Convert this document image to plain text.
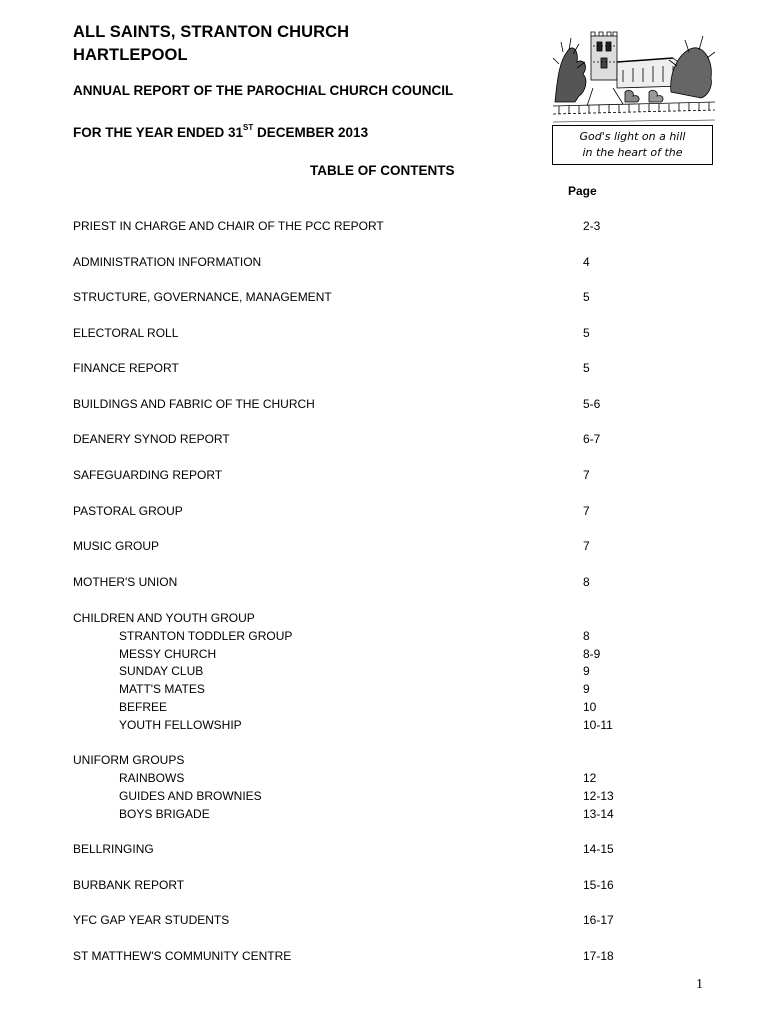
ALL SAINTS, STRANTON CHURCH
HARTLEPOOL
ANNUAL REPORT OF THE PAROCHIAL CHURCH COUNCIL
FOR THE YEAR ENDED 31ST DECEMBER 2013
TABLE OF CONTENTS
Page
God's light on a hill
in the heart of the
PRIEST IN CHARGE AND CHAIR OF THE PCC REPORT	2-3
ADMINISTRATION INFORMATION	4
STRUCTURE, GOVERNANCE, MANAGEMENT	5
ELECTORAL ROLL	5
FINANCE REPORT	5
BUILDINGS AND FABRIC OF THE CHURCH	5-6
DEANERY SYNOD REPORT	6-7
SAFEGUARDING REPORT	7
PASTORAL GROUP	7
MUSIC GROUP	7
MOTHER'S UNION	8
CHILDREN AND YOUTH GROUP
STRANTON TODDLER GROUP	8
MESSY CHURCH	8-9
SUNDAY CLUB	9
MATT'S MATES	9
BEFREE	10
YOUTH FELLOWSHIP	10-11
UNIFORM GROUPS
RAINBOWS	12
GUIDES AND BROWNIES	12-13
BOYS BRIGADE	13-14
BELLRINGING	14-15
BURBANK REPORT	15-16
YFC GAP YEAR STUDENTS	16-17
ST MATTHEW'S COMMUNITY CENTRE	17-18
1
